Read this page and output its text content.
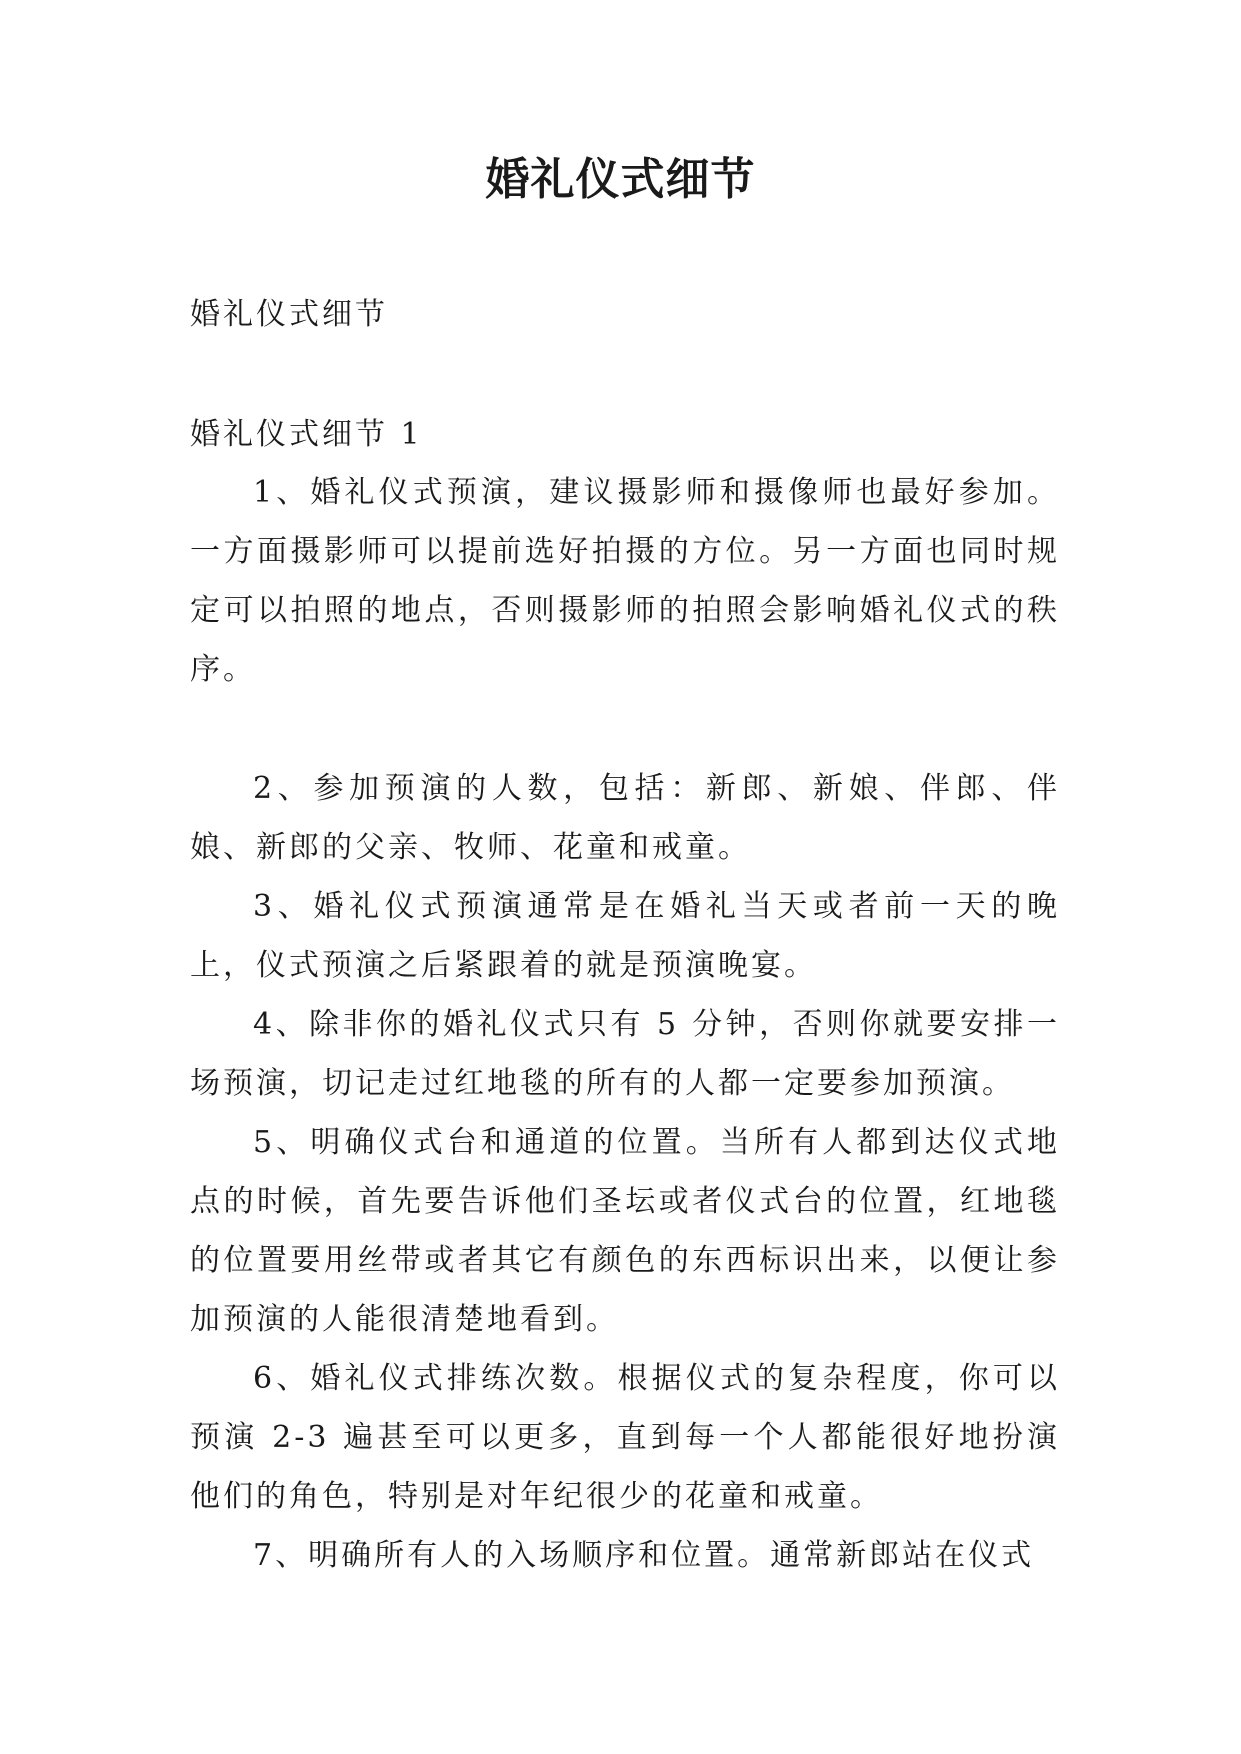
婚礼仪式细节

婚礼仪式细节

婚礼仪式细节 1

1、婚礼仪式预演，建议摄影师和摄像师也最好参加。一方面摄影师可以提前选好拍摄的方位。另一方面也同时规定可以拍照的地点，否则摄影师的拍照会影响婚礼仪式的秩序。

2、参加预演的人数，包括：新郎、新娘、伴郎、伴娘、新郎的父亲、牧师、花童和戒童。

3、婚礼仪式预演通常是在婚礼当天或者前一天的晚上，仪式预演之后紧跟着的就是预演晚宴。

4、除非你的婚礼仪式只有 5 分钟，否则你就要安排一场预演，切记走过红地毯的所有的人都一定要参加预演。

5、明确仪式台和通道的位置。当所有人都到达仪式地点的时候，首先要告诉他们圣坛或者仪式台的位置，红地毯的位置要用丝带或者其它有颜色的东西标识出来，以便让参加预演的人能很清楚地看到。

6、婚礼仪式排练次数。根据仪式的复杂程度，你可以预演 2-3 遍甚至可以更多，直到每一个人都能很好地扮演他们的角色，特别是对年纪很少的花童和戒童。

7、明确所有人的入场顺序和位置。通常新郎站在仪式
